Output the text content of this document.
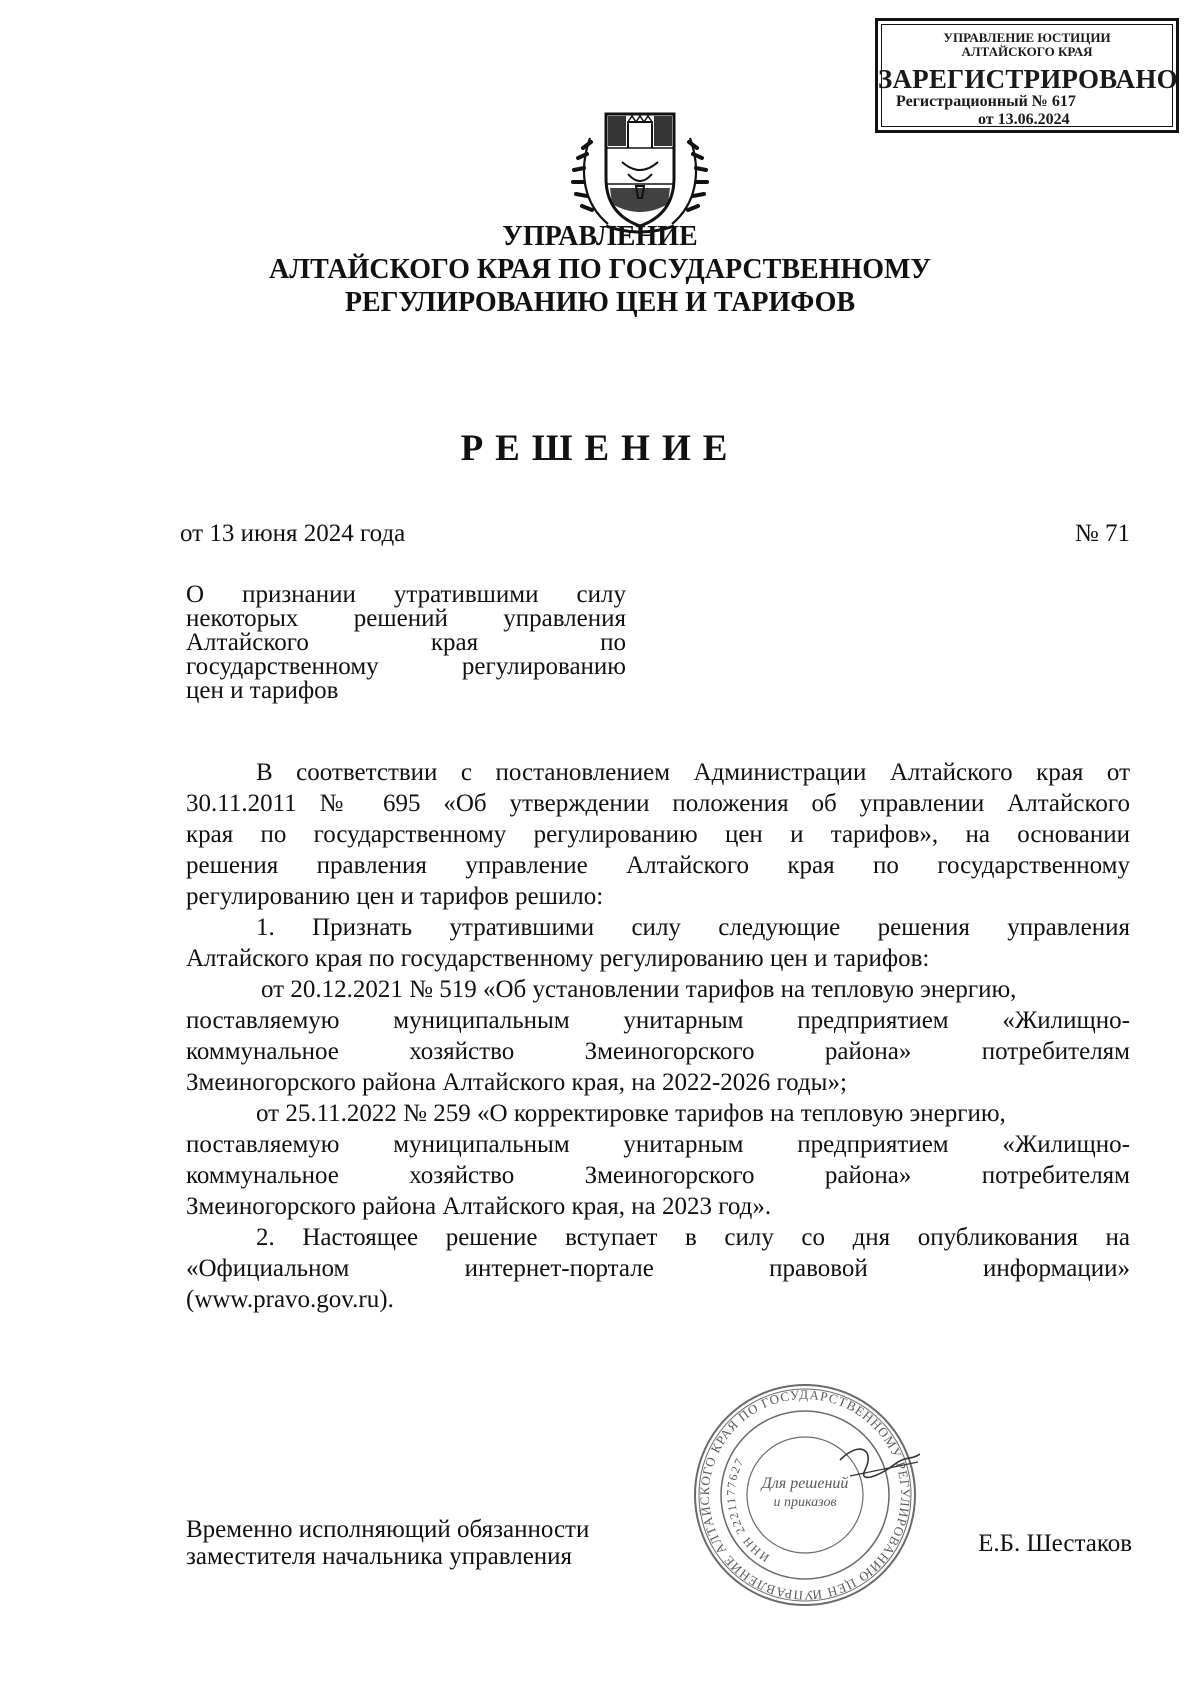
УПРАВЛЕНИЕ ЮСТИЦИИ
АЛТАЙСКОГО КРАЯ
ЗАРЕГИСТРИРОВАНО
Регистрационный № 617
от 13.06.2024
УПРАВЛЕНИЕ
АЛТАЙСКОГО КРАЯ ПО ГОСУДАРСТВЕННОМУ
РЕГУЛИРОВАНИЮ ЦЕН И ТАРИФОВ
РЕШЕНИЕ
от 13 июня 2024 года	№ 71
О признании утратившими силу
некоторых решений управления
Алтайского края по
государственному регулированию
цен и тарифов
В соответствии с постановлением Администрации Алтайского края от
30.11.2011 № 695 «Об утверждении положения об управлении Алтайского
края по государственному регулированию цен и тарифов», на основании
решения правления управление Алтайского края по государственному
регулированию цен и тарифов решило:
1. Признать утратившими силу следующие решения управления
Алтайского края по государственному регулированию цен и тарифов:
от 20.12.2021 № 519 «Об установлении тарифов на тепловую энергию,
поставляемую муниципальным унитарным предприятием «Жилищно-
коммунальное хозяйство Змеиногорского района» потребителям
Змеиногорского района Алтайского края, на 2022-2026 годы»;
от 25.11.2022 № 259 «О корректировке тарифов на тепловую энергию,
поставляемую муниципальным унитарным предприятием «Жилищно-
коммунальное хозяйство Змеиногорского района» потребителям
Змеиногорского района Алтайского края, на 2023 год».
2. Настоящее решение вступает в силу со дня опубликования на
«Официальном интернет-портале правовой информации»
(www.pravo.gov.ru).
УПРАВЛЕНИЕ АЛТАЙСКОГО КРАЯ ПО ГОСУДАРСТВЕННОМУ РЕГУЛИРОВАНИЮ ЦЕН И
ИНН 2221177627
Для решений
и приказов
Временно исполняющий обязанности
заместителя начальника управления	Е.Б. Шестаков
